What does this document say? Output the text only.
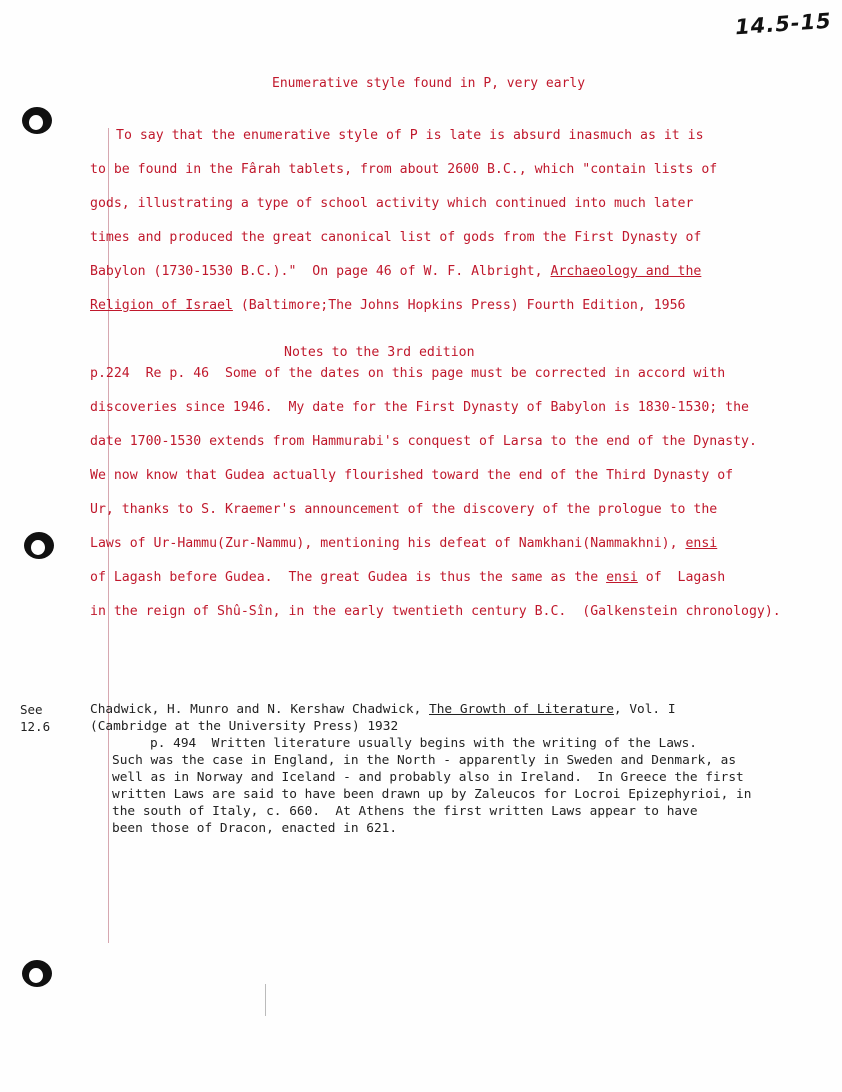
14.5-15
Enumerative style found in P, very early
To say that the enumerative style of P is late is absurd inasmuch as it is
to be found in the Fârah tablets, from about 2600 B.C., which "contain lists of
gods, illustrating a type of school activity which continued into much later
times and produced the great canonical list of gods from the First Dynasty of
Babylon (1730-1530 B.C.)."  On page 46 of W. F. Albright, Archaeology and the
Religion of Israel (Baltimore;The Johns Hopkins Press) Fourth Edition, 1956
Notes to the 3rd edition
p.224  Re p. 46  Some of the dates on this page must be corrected in accord with
discoveries since 1946.  My date for the First Dynasty of Babylon is 1830-1530; the
date 1700-1530 extends from Hammurabi's conquest of Larsa to the end of the Dynasty.
We now know that Gudea actually flourished toward the end of the Third Dynasty of
Ur, thanks to S. Kraemer's announcement of the discovery of the prologue to the
Laws of Ur-Hammu(Zur-Nammu), mentioning his defeat of Namkhani(Nammakhni), ensi
of Lagash before Gudea.  The great Gudea is thus the same as the ensi of  Lagash
in the reign of Shû-Sîn, in the early twentieth century B.C.  (Galkenstein chronology).
See
12.6
Chadwick, H. Munro and N. Kershaw Chadwick, The Growth of Literature, Vol. I
(Cambridge at the University Press) 1932
p. 494  Written literature usually begins with the writing of the Laws.
Such was the case in England, in the North - apparently in Sweden and Denmark, as
well as in Norway and Iceland - and probably also in Ireland.  In Greece the first
written Laws are said to have been drawn up by Zaleucos for Locroi Epizephyrioi, in
the south of Italy, c. 660.  At Athens the first written Laws appear to have
been those of Dracon, enacted in 621.
